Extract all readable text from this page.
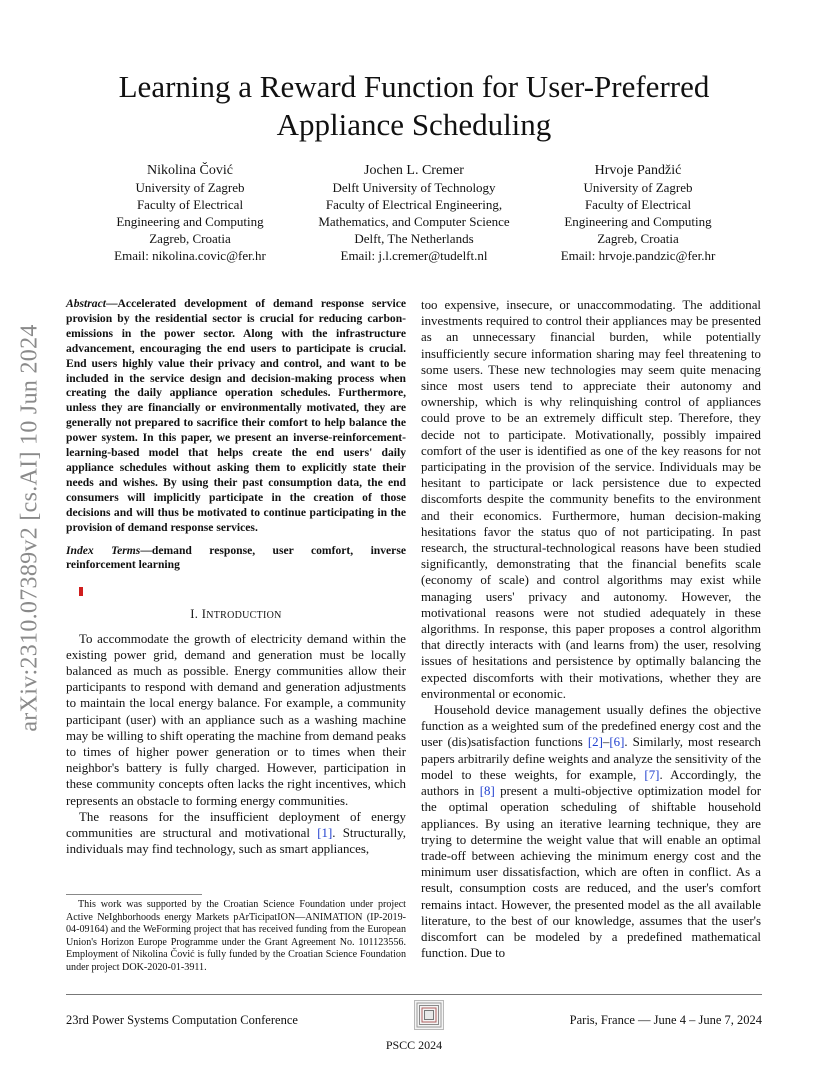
Learning a Reward Function for User-Preferred
Appliance Scheduling
Nikolina Čović
University of Zagreb
Faculty of Electrical
Engineering and Computing
Zagreb, Croatia
Email: nikolina.covic@fer.hr
Jochen L. Cremer
Delft University of Technology
Faculty of Electrical Engineering,
Mathematics, and Computer Science
Delft, The Netherlands
Email: j.l.cremer@tudelft.nl
Hrvoje Pandžić
University of Zagreb
Faculty of Electrical
Engineering and Computing
Zagreb, Croatia
Email: hrvoje.pandzic@fer.hr
arXiv:2310.07389v2 [cs.AI] 10 Jun 2024

Abstract—Accelerated development of demand response service provision by the residential sector is crucial for reducing carbon-emissions in the power sector. Along with the infrastructure advancement, encouraging the end users to participate is crucial. End users highly value their privacy and control, and want to be included in the service design and decision-making process when creating the daily appliance operation schedules. Furthermore, unless they are financially or environmentally motivated, they are generally not prepared to sacrifice their comfort to help balance the power system. In this paper, we present an inverse-reinforcement-learning-based model that helps create the end users' daily appliance schedules without asking them to explicitly state their needs and wishes. By using their past consumption data, the end consumers will implicitly participate in the creation of those decisions and will thus be motivated to continue participating in the provision of demand response services.

Index Terms—demand response, user comfort, inverse reinforcement learning

I. INTRODUCTION

To accommodate the growth of electricity demand within the existing power grid, demand and generation must be locally balanced as much as possible. Energy communities allow their participants to respond with demand and generation adjustments to maintain the local energy balance. For example, a community participant (user) with an appliance such as a washing machine may be willing to shift operating the machine from demand peaks to times of higher power generation or to times when their neighbor's battery is fully charged. However, participation in these community concepts often lacks the right incentives, which represents an obstacle to forming energy communities.

The reasons for the insufficient deployment of energy communities are structural and motivational [1]. Structurally, individuals may find technology, such as smart appliances,

too expensive, insecure, or unaccommodating. The additional investments required to control their appliances may be presented as an unnecessary financial burden, while potentially insufficiently secure information sharing may feel threatening to some users. These new technologies may seem quite menacing since most users tend to appreciate their autonomy and ownership, which is why relinquishing control of appliances could prove to be an extremely difficult step. Therefore, they decide not to participate. Motivationally, possibly impaired comfort of the user is identified as one of the key reasons for not participating in the provision of the service. Individuals may be hesitant to participate or lack persistence due to expected discomforts despite the community benefits to the environment and their economics. Furthermore, human decision-making hesitations favor the status quo of not participating. In past research, the structural-technological reasons have been studied significantly, demonstrating that the financial benefits scale (economy of scale) and control algorithms may exist while managing users' privacy and autonomy. However, the motivational reasons were not studied adequately in these algorithms. In response, this paper proposes a control algorithm that directly interacts with (and learns from) the user, resolving issues of hesitations and persistence by optimally balancing the expected discomforts with their motivations, whether they are environmental or economic.

Household device management usually defines the objective function as a weighted sum of the predefined energy cost and the user (dis)satisfaction functions [2]–[6]. Similarly, most research papers arbitrarily define weights and analyze the sensitivity of the model to these weights, for example, [7]. Accordingly, the authors in [8] present a multi-objective optimization model for the optimal operation scheduling of shiftable household appliances. By using an iterative learning technique, they are trying to determine the weight value that will enable an optimal trade-off between achieving the minimum energy cost and the minimum user dissatisfaction, which are often in conflict. As a result, consumption costs are reduced, and the user's comfort remains intact. However, the presented model as the all available literature, to the best of our knowledge, assumes that the user's discomfort can be modeled by a predefined mathematical function. Due to

This work was supported by the Croatian Science Foundation under project Active NeIghborhoods energy Markets pArTicipatION—ANIMATION (IP-2019-04-09164) and the WeForming project that has received funding from the European Union's Horizon Europe Programme under the Grant Agreement No. 101123556. Employment of Nikolina Čović is fully funded by the Croatian Science Foundation under project DOK-2020-01-3911.
23rd Power Systems Computation Conference	Paris, France — June 4 – June 7, 2024
PSCC 2024
